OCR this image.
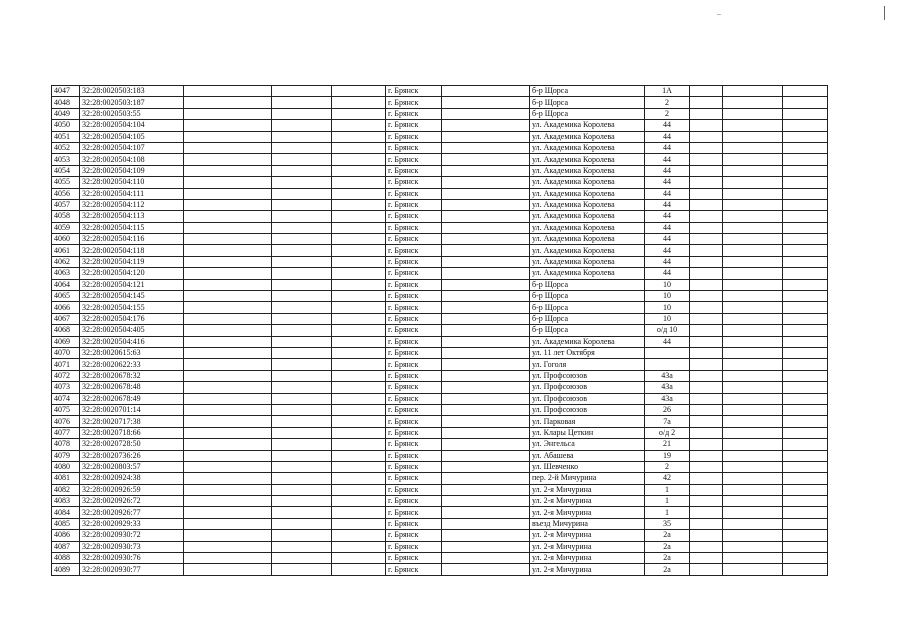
4047	32:28:0020503:183				г. Брянск		б-р Щорса	1А			
4048	32:28:0020503:187				г. Брянск		б-р Щорса	2			
4049	32:28:0020503:55				г. Брянск		б-р Щорса	2			
4050	32:28:0020504:104				г. Брянск		ул. Академика Королева	44			
4051	32:28:0020504:105				г. Брянск		ул. Академика Королева	44			
4052	32:28:0020504:107				г. Брянск		ул. Академика Королева	44			
4053	32:28:0020504:108				г. Брянск		ул. Академика Королева	44			
4054	32:28:0020504:109				г. Брянск		ул. Академика Королева	44			
4055	32:28:0020504:110				г. Брянск		ул. Академика Королева	44			
4056	32:28:0020504:111				г. Брянск		ул. Академика Королева	44			
4057	32:28:0020504:112				г. Брянск		ул. Академика Королева	44			
4058	32:28:0020504:113				г. Брянск		ул. Академика Королева	44			
4059	32:28:0020504:115				г. Брянск		ул. Академика Королева	44			
4060	32:28:0020504:116				г. Брянск		ул. Академика Королева	44			
4061	32:28:0020504:118				г. Брянск		ул. Академика Королева	44			
4062	32:28:0020504:119				г. Брянск		ул. Академика Королева	44			
4063	32:28:0020504:120				г. Брянск		ул. Академика Королева	44			
4064	32:28:0020504:121				г. Брянск		б-р Щорса	10			
4065	32:28:0020504:145				г. Брянск		б-р Щорса	10			
4066	32:28:0020504:155				г. Брянск		б-р Щорса	10			
4067	32:28:0020504:176				г. Брянск		б-р Щорса	10			
4068	32:28:0020504:405				г. Брянск		б-р Щорса	о/д 10			
4069	32:28:0020504:416				г. Брянск		ул. Академика Королева	44			
4070	32:28:0020615:63				г. Брянск		ул. 11 лет Октября				
4071	32:28:0020622:33				г. Брянск		ул. Гоголя				
4072	32:28:0020678:32				г. Брянск		ул. Профсоюзов	43а			
4073	32:28:0020678:48				г. Брянск		ул. Профсоюзов	43а			
4074	32:28:0020678:49				г. Брянск		ул. Профсоюзов	43а			
4075	32:28:0020701:14				г. Брянск		ул. Профсоюзов	26			
4076	32:28:0020717:38				г. Брянск		ул. Парковая	7а			
4077	32:28:0020718:66				г. Брянск		ул. Клары Цеткин	о/д 2			
4078	32:28:0020728:50				г. Брянск		ул. Энгельса	21			
4079	32:28:0020736:26				г. Брянск		ул. Абашева	19			
4080	32:28:0020803:57				г. Брянск		ул. Шевченко	2			
4081	32:28:0020924:38				г. Брянск		пер. 2-й Мичурина	42			
4082	32:28:0020926:59				г. Брянск		ул. 2-я Мичурина	1			
4083	32:28:0020926:72				г. Брянск		ул. 2-я Мичурина	1			
4084	32:28:0020926:77				г. Брянск		ул. 2-я Мичурина	1			
4085	32:28:0020929:33				г. Брянск		въезд Мичурина	35			
4086	32:28:0020930:72				г. Брянск		ул. 2-я Мичурина	2а			
4087	32:28:0020930:73				г. Брянск		ул. 2-я Мичурина	2а			
4088	32:28:0020930:76				г. Брянск		ул. 2-я Мичурина	2а			
4089	32:28:0020930:77				г. Брянск		ул. 2-я Мичурина	2а			
